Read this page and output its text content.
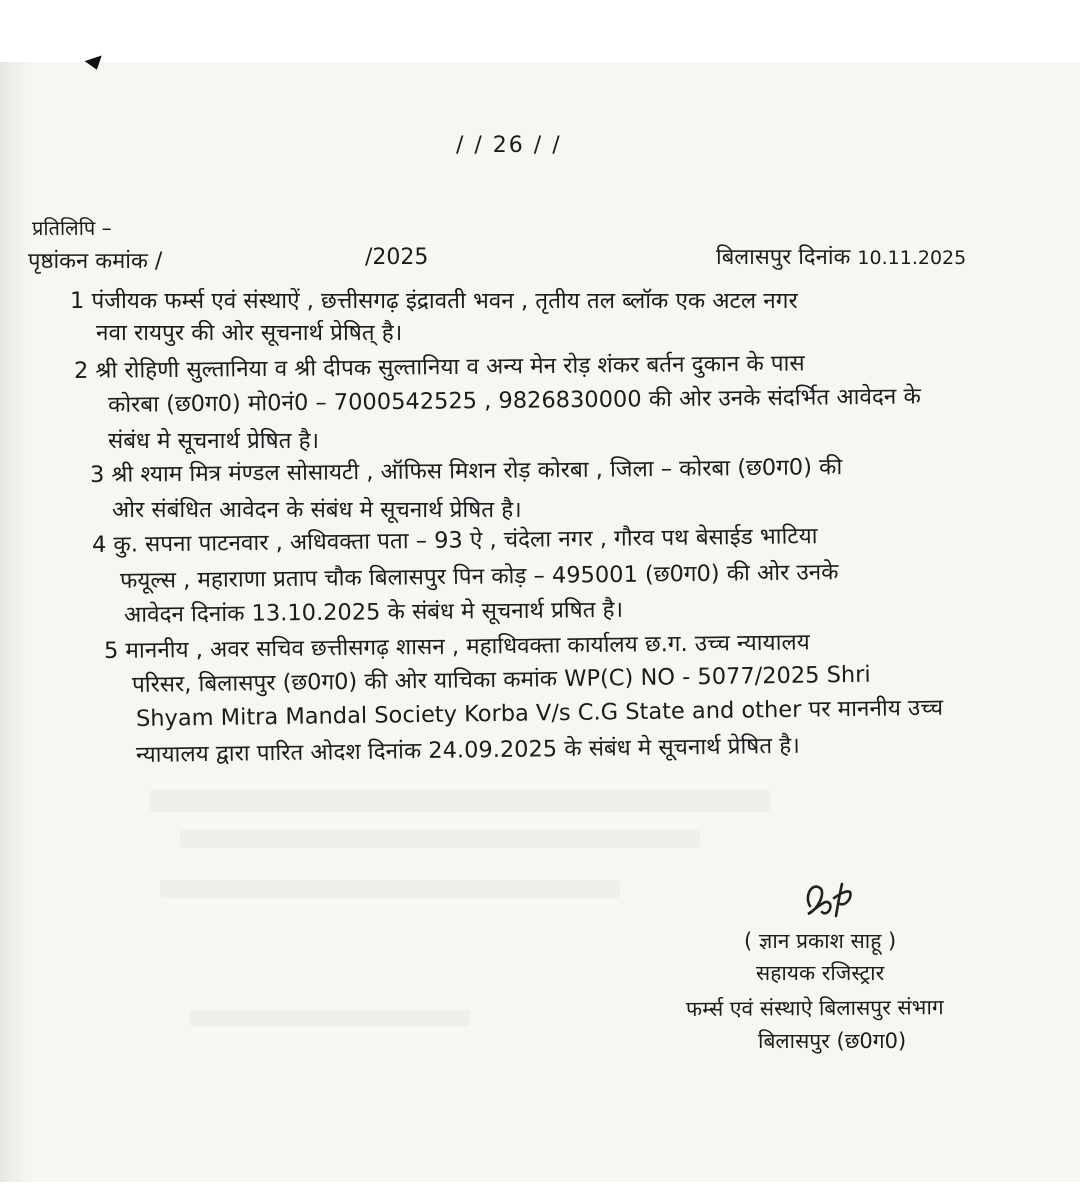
/ / 26 / /
प्रतिलिपि –
पृष्ठांकन कमांक /	/2025	बिलासपुर दिनांक 10.11.2025
1 पंजीयक फर्म्स एवं संस्थाऐं , छत्तीसगढ़ इंद्रावती भवन , तृतीय तल ब्लॉक एक अटल नगर
नवा रायपुर की ओर सूचनार्थ प्रेषित् है।
2 श्री रोहिणी सुल्तानिया व श्री दीपक सुल्तानिया व अन्य मेन रोड़ शंकर बर्तन दुकान के पास
कोरबा (छ0ग0) मो0नं0 – 7000542525 , 9826830000 की ओर उनके संदर्भित आवेदन के
संबंध मे सूचनार्थ प्रेषित है।
3 श्री श्याम मित्र मंण्डल सोसायटी , ऑफिस मिशन रोड़ कोरबा , जिला – कोरबा (छ0ग0) की
ओर संबंधित आवेदन के संबंध मे सूचनार्थ प्रेषित है।
4 कु. सपना पाटनवार , अधिवक्ता पता – 93 ऐ , चंदेला नगर , गौरव पथ बेसाईड भाटिया
फयूल्स , महाराणा प्रताप चौक बिलासपुर पिन कोड़ – 495001 (छ0ग0) की ओर उनके
आवेदन दिनांक 13.10.2025 के संबंध मे सूचनार्थ प्रषित है।
5 माननीय , अवर सचिव छत्तीसगढ़ शासन , महाधिवक्ता कार्यालय छ.ग. उच्च न्यायालय
परिसर, बिलासपुर (छ0ग0) की ओर याचिका कमांक WP(C) NO - 5077/2025 Shri
Shyam Mitra Mandal Society Korba V/s C.G State and other पर माननीय उच्च
न्यायालय द्वारा पारित ओदश दिनांक 24.09.2025 के संबंध मे सूचनार्थ प्रेषित है।
( ज्ञान प्रकाश साहू )
सहायक रजिस्ट्रार
फर्म्स एवं संस्थाऐ बिलासपुर संभाग
बिलासपुर (छ0ग0)
